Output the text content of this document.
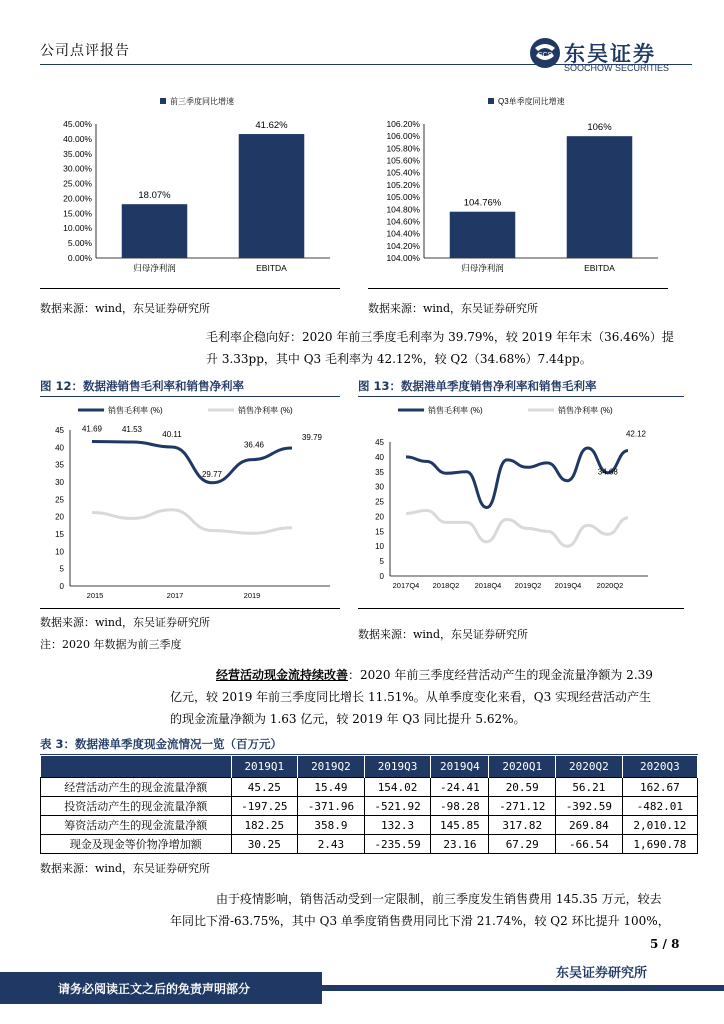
公司点评报告	SCS 东吴证券
SOOCHOW SECURITIES
前三季度同比增速
0.00%
5.00%
10.00%
15.00%
20.00%
25.00%
30.00%
35.00%
40.00%
45.00%
18.07%
归母净利润
41.62%
EBITDA
Q3单季度同比增速
104.00%
104.20%
104.40%
104.60%
104.80%
105.00%
105.20%
105.40%
105.60%
105.80%
106.00%
106.20%
104.76%
归母净利润
106%
EBITDA
数据来源：wind，东吴证券研究所	数据来源：wind，东吴证券研究所
毛利率企稳向好：2020 年前三季度毛利率为 39.79%，较 2019 年年末（36.46%）提
升 3.33pp，其中 Q3 毛利率为 42.12%，较 Q2（34.68%）7.44pp。
图 12：数据港销售毛利率和销售净利率	图 13：数据港单季度销售净利率和销售毛利率
销售毛利率 (%)	销售净利率 (%)
0
5
10
15
20
25
30
35
40
45 41.69 41.53
40.11
29.77
36.46
39.79
2015	2017	2019
销售毛利率 (%)	销售净利率 (%)
0
5
10
15
20
25
30
35
40
45
34.68
42.12
2017Q4 2018Q2 2018Q4 2019Q2 2019Q4 2020Q2
数据来源：wind，东吴证券研究所
注：2020 年数据为前三季度
数据来源：wind，东吴证券研究所
经营活动现金流持续改善：2020 年前三季度经营活动产生的现金流量净额为 2.39
亿元，较 2019 年前三季度同比增长 11.51%。从单季度变化来看，Q3 实现经营活动产生
的现金流量净额为 1.63 亿元，较 2019 年 Q3 同比提升 5.62%。
表 3：数据港单季度现金流情况一览（百万元）
	2019Q1	2019Q2	2019Q3	2019Q4	2020Q1	2020Q2	2020Q3
经营活动产生的现金流量净额	45.25	15.49	154.02	-24.41	20.59	56.21	162.67
投资活动产生的现金流量净额	-197.25	-371.96	-521.92	-98.28	-271.12	-392.59	-482.01
筹资活动产生的现金流量净额	182.25	358.9	132.3	145.85	317.82	269.84	2,010.12
现金及现金等价物净增加额	30.25	2.43	-235.59	23.16	67.29	-66.54	1,690.78
数据来源：wind，东吴证券研究所
由于疫情影响，销售活动受到一定限制，前三季度发生销售费用 145.35 万元，较去
年同比下滑-63.75%，其中 Q3 单季度销售费用同比下滑 21.74%，较 Q2 环比提升 100%，
5 / 8
请务必阅读正文之后的免责声明部分
东吴证券研究所
